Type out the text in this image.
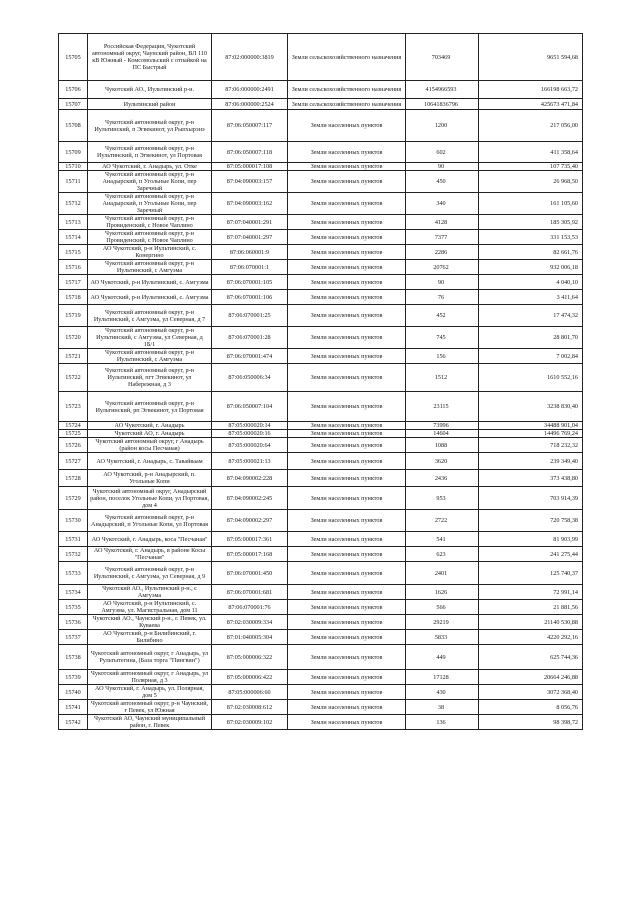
15705	Российская Федерация, Чукотский автономный округ, Чаунский район, ВЛ 110 кВ Южный - Комсомольский с отпайкой на ПС Быстрый	87:02:000000:3819	Земли сельскохозяйственного назначения	703469	9651 594,68
15706	Чукотский АО., Иультинский р-н.	87:06:000000:2491	Земли сельскохозяйственного назначения	4154966593	166198 663,72
15707	Иультинский район	87:06:000000:2524	Земли сельскохозяйственного назначения	10641836796	425673 471,84
15708	Чукотский автономный округ, р-н Иультинский, п Эгвекинот, ул Рыпхырэнэ	87:06:050007:117	Земли населенных пунктов	1200	217 056,00
15709	Чукотский автономный округ, р-н Иультинский, п Эгвекинот, ул Портовая	87:06:050007:118	Земли населенных пунктов	602	411 358,64
15710	АО Чукотский, г. Анадырь, ул. Отке	87:05:000017:108	Земли населенных пунктов	90	107 735,40
15711	Чукотский автономный округ, р-н Анадырский, п Угольные Копи, пер Заречный	87:04:090003:157	Земли населенных пунктов	450	26 968,50
15712	Чукотский автономный округ, р-н Анадырский, п Угольные Копи, пер Заречный	87:04:090003:162	Земли населенных пунктов	340	161 105,60
15713	Чукотский автономный округ, р-н Провиденский, с Новое Чаплино	87:07:040001:291	Земли населенных пунктов	4128	185 305,92
15714	Чукотский автономный округ, р-н Провиденский, с Новое Чаплино	87:07:040001:297	Земли населенных пунктов	7377	331 153,53
15715	АО Чукотский, р-н Иультинский, с. Конергино	87:06:060001:9	Земли населенных пунктов	2286	82 661,76
15716	Чукотский автономный округ, р-н Иультинский, с Амгуэма	87:06:070001:1	Земли населенных пунктов	20762	932 006,18
15717	АО Чукотский, р-н Иультинский, с. Амгуэма	87:06:070001:105	Земли населенных пунктов	90	4 040,10
15718	АО Чукотский, р-н Иультинский, с. Амгуэма	87:06:070001:106	Земли населенных пунктов	76	3 411,64
15719	Чукотский автономный округ, р-н Иультинский, с Амгуэма, ул Северная, д 7	87:06:070001:25	Земли населенных пунктов	452	17 474,32
15720	Чукотский автономный округ, р-н Иультинский, с Амгуэма, ул Северная, д 1Б/1	87:06:070001:28	Земли населенных пунктов	745	28 801,70
15721	Чукотский автономный округ, р-н Иультинский, с Амгуэма	87:06:070001:474	Земли населенных пунктов	156	7 002,84
15722	Чукотский автономный округ, р-н Иультинский, пгт Эгвекинот, ул Набережная, д 3	87:06:050006:34	Земли населенных пунктов	1512	1610 552,16
15723	Чукотский автономный округ, р-н Иультинский, рп Эгвекинот, ул Портовая	87:06:050007:104	Земли населенных пунктов	23115	3238 830,40
15724	АО Чукотский, г. Анадырь	87:05:000020:14	Земли населенных пунктов	73996	34488 901,04
15725	Чукотский АО, г. Анадырь	87:05:000020:16	Земли населенных пунктов	14604	14496 769,24
15726	Чукотский автономный округ, г Анадырь (район косы Песчаная)	87:05:000020:64	Земли населенных пунктов	1088	718 232,32
15727	АО Чукотский, г. Анадырь, с. Тавайваам	87:05:000021:13	Земли населенных пунктов	3620	239 349,40
15728	АО Чукотский, р-н Анадырский, п. Угольные Копи	87:04:090002:228	Земли населенных пунктов	2436	373 438,80
15729	Чукотский автономный округ, Анадырский район, поселок Угольные Копи, ул Портовая, дом 4	87:04:090002:245	Земли населенных пунктов	953	703 914,39
15730	Чукотский автономный округ, р-н Анадырский, п Угольные Копи, ул Портовая	87:04:090002:297	Земли населенных пунктов	2722	720 758,38
15731	АО Чукотский, г. Анадырь, коса "Песчаная"	87:05:000017:361	Земли населенных пунктов	541	81 903,99
15732	АО Чукотский, г. Анадырь, в районе Косы "Песчаная"	87:05:000017:168	Земли населенных пунктов	623	241 275,44
15733	Чукотский автономный округ, р-н Иультинский, с Амгуэма, ул Северная, д 9	87:06:070001:450	Земли населенных пунктов	2401	125 740,37
15734	Чукотский АО., Иультинский р-н., с Амгуэма	87:06:070001:681	Земли населенных пунктов	1626	72 991,14
15735	АО Чукотский, р-н Иультинский, с. Амгуэма, ул. Магистральная, дом 11	87:06:070001:76	Земли населенных пунктов	566	21 881,56
15736	Чукотский АО., Чаунский р-н., г. Певек, ул. Куваева	87:02:030009:334	Земли населенных пунктов	29219	21140 530,88
15737	АО Чукотский, р-н Билибинский, г. Билибино	87:01:040005:304	Земли населенных пунктов	5833	4220 292,16
15738	Чукотский автономный округ, г Анадырь, ул Рультытегина, (База торга "Пингвин")	87:05:000006:322	Земли населенных пунктов	449	625 744,36
15739	Чукотский автономный округ, г Анадырь, ул Полярная, д 3	87:05:000006:422	Земли населенных пунктов	17128	20664 246,88
15740	АО Чукотский, г. Анадырь, ул. Полярная, дом 5	87:05:000006:60	Земли населенных пунктов	430	3072 368,40
15741	Чукотский автономный округ, р-н Чаунский, г Певек, ул Южная	87:02:030008:612	Земли населенных пунктов	38	8 056,76
15742	Чукотский АО, Чаунский муниципальный район, г. Певек	87:02:030009:102	Земли населенных пунктов	136	98 398,72
